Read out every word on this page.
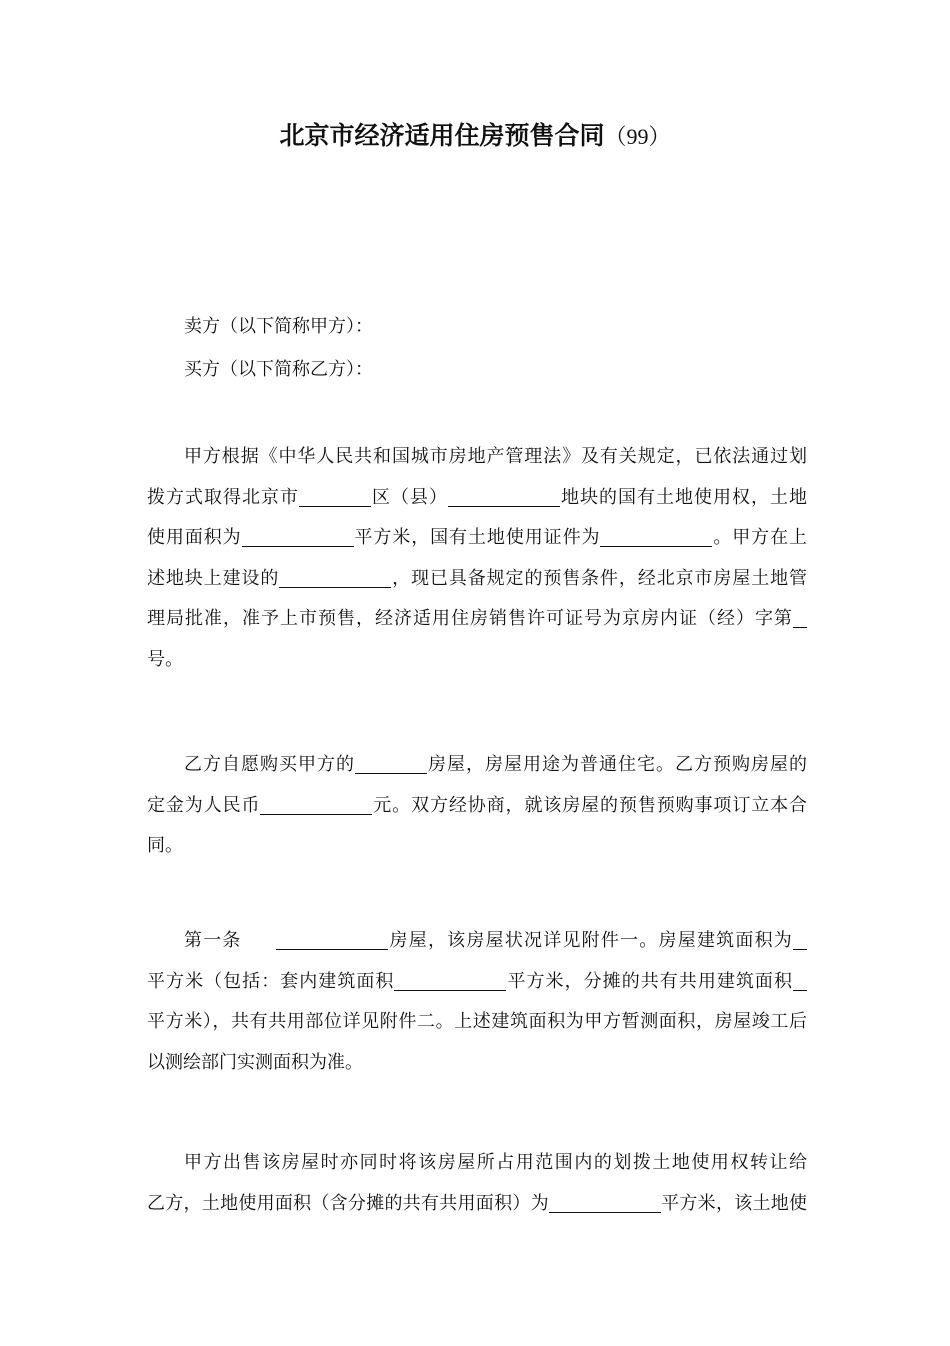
北京市经济适用住房预售合同（99）
卖方（以下简称甲方）：
买方（以下简称乙方）：
甲方根据《中华人民共和国城市房地产管理法》及有关规定，已依法通过划
拨方式取得北京市	区（县）	地块的国有土地使用权，土地
使用面积为	平方米，国有土地使用证件为	。甲方在上
述地块上建设的	，现已具备规定的预售条件，经北京市房屋土地管
理局批准，准予上市预售，经济适用住房销售许可证号为京房内证（经）字第
号。
乙方自愿购买甲方的	房屋，房屋用途为普通住宅。乙方预购房屋的
定金为人民币	元。双方经协商，就该房屋的预售预购事项订立本合
同。
第一条	房屋，该房屋状况详见附件一。房屋建筑面积为
平方米（包括：套内建筑面积	平方米，分摊的共有共用建筑面积
平方米），共有共用部位详见附件二。上述建筑面积为甲方暂测面积，房屋竣工后
以测绘部门实测面积为准。
甲方出售该房屋时亦同时将该房屋所占用范围内的划拨土地使用权转让给
乙方，土地使用面积（含分摊的共有共用面积）为	平方米，该土地使
